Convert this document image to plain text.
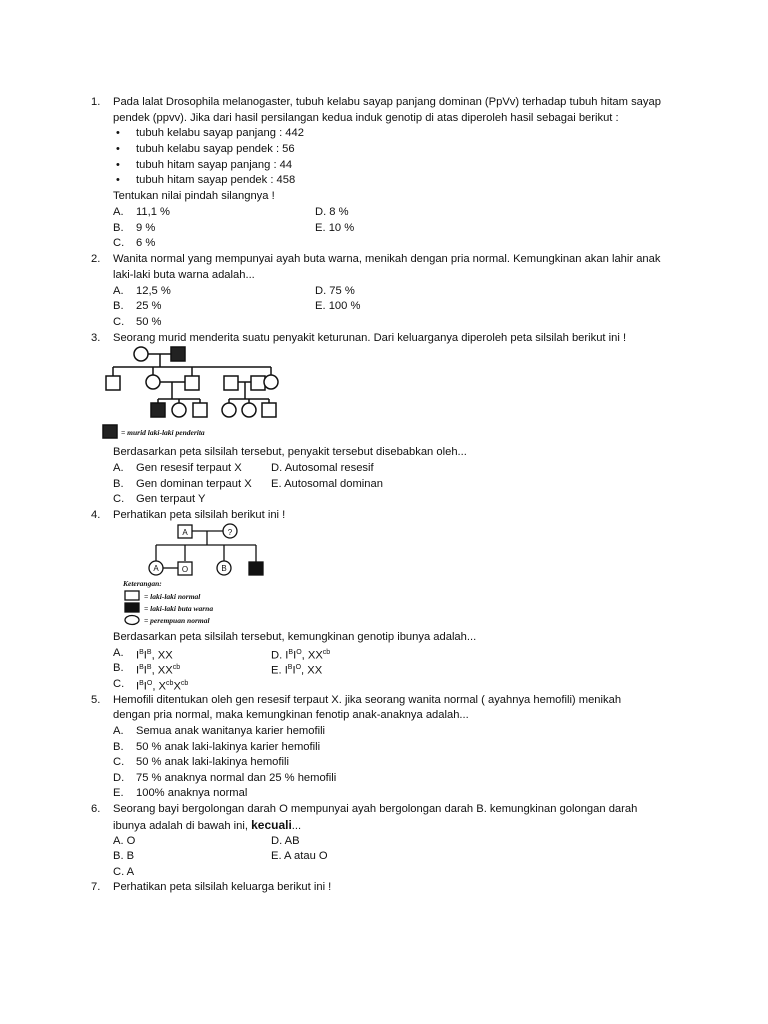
1. Pada lalat Drosophila melanogaster, tubuh kelabu sayap panjang dominan (PpVv) terhadap tubuh hitam sayap
pendek (ppvv). Jika dari hasil persilangan kedua induk genotip di atas diperoleh hasil sebagai berikut :
• tubuh kelabu sayap panjang : 442
• tubuh kelabu sayap pendek : 56
• tubuh hitam sayap panjang : 44
• tubuh hitam sayap pendek : 458
Tentukan nilai pindah silangnya !
A. 11,1 %	D. 8 %
B. 9 %	E. 10 %
C. 6 %
2. Wanita normal yang mempunyai ayah buta warna, menikah dengan pria normal. Kemungkinan akan lahir anak
laki-laki buta warna adalah...
A. 12,5 %	D. 75 %
B. 25 %	E. 100 %
C. 50 %
3. Seorang murid menderita suatu penyakit keturunan. Dari keluarganya diperoleh peta silsilah berikut ini !
= murid laki-laki penderita
Berdasarkan peta silsilah tersebut, penyakit tersebut disebabkan oleh...
A. Gen resesif terpaut X	D. Autosomal resesif
B. Gen dominan terpaut X E. Autosomal dominan
C. Gen terpaut Y
4. Perhatikan peta silsilah berikut ini !
A	?
A	O	B
Keterangan:
= laki-laki normal
= laki-laki buta warna
= perempuan normal
Berdasarkan peta silsilah tersebut, kemungkinan genotip ibunya adalah...
A. $I^BI^B$, XX	D. $I^BI^O$, $XX^{cb}$
B. $I^BI^B$, $XX^{cb}$	E. $I^BI^O$, XX
C. $I^BI^O$, $X^{cb}X^{cb}$
5. Hemofili ditentukan oleh gen resesif terpaut X. jika seorang wanita normal ( ayahnya hemofili) menikah
dengan pria normal, maka kemungkinan fenotip anak-anaknya adalah...
A. Semua anak wanitanya karier hemofili
B. 50 % anak laki-lakinya karier hemofili
C. 50 % anak laki-lakinya hemofili
D. 75 % anaknya normal dan 25 % hemofili
E. 100% anaknya normal
6. Seorang bayi bergolongan darah O mempunyai ayah bergolongan darah B. kemungkinan golongan darah
ibunya adalah di bawah ini, kecuali...
A. O	D. AB
B. B	E. A atau O
C. A
7. Perhatikan peta silsilah keluarga berikut ini !
